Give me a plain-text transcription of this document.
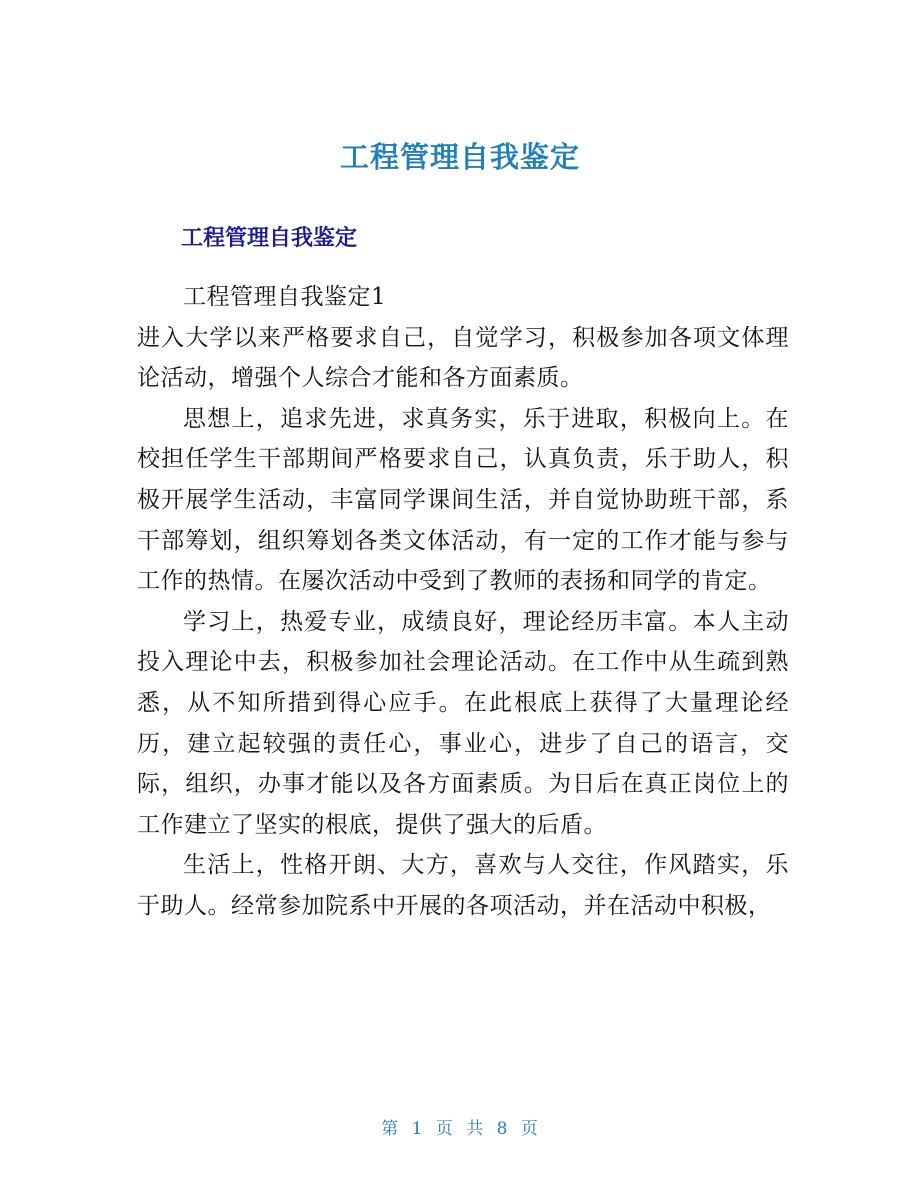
工程管理自我鉴定
工程管理自我鉴定

工程管理自我鉴定1

进入大学以来严格要求自己，自觉学习，积极参加各项文体理论活动，增强个人综合才能和各方面素质。

思想上，追求先进，求真务实，乐于进取，积极向上。在校担任学生干部期间严格要求自己，认真负责，乐于助人，积极开展学生活动，丰富同学课间生活，并自觉协助班干部，系干部筹划，组织筹划各类文体活动，有一定的工作才能与参与工作的热情。在屡次活动中受到了教师的表扬和同学的肯定。

学习上，热爱专业，成绩良好，理论经历丰富。本人主动投入理论中去，积极参加社会理论活动。在工作中从生疏到熟悉，从不知所措到得心应手。在此根底上获得了大量理论经历，建立起较强的责任心，事业心，进步了自己的语言，交际，组织，办事才能以及各方面素质。为日后在真正岗位上的工作建立了坚实的根底，提供了强大的后盾。

生活上，性格开朗、大方，喜欢与人交往，作风踏实，乐于助人。经常参加院系中开展的各项活动，并在活动中积极，

第 1 页 共 8 页
